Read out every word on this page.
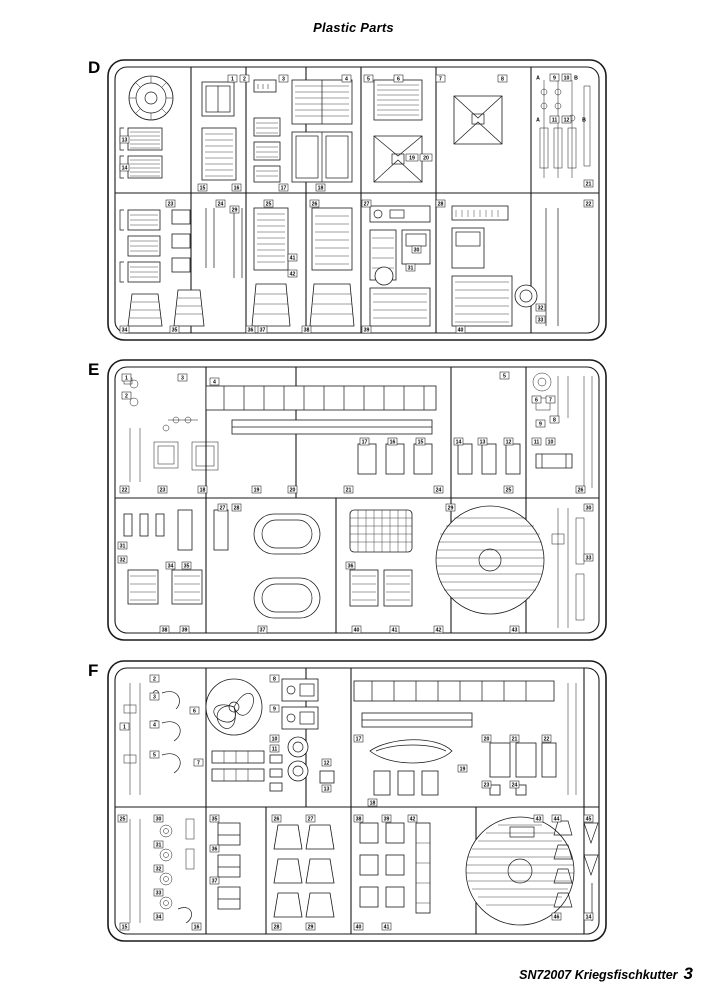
Plastic Parts
D
1 2	3	4	5	6	7	8	A	B
9 10
A 11 12 B
13
14
15	16	17	18
19 20
21
22
23	24	25	26	27	28
29
30
31
32
33
34	35	36 37	38	39	40
41
42
E	1
2
3
4
5
6 7
8
9
10
11
12
13
14
15
16
17
18	19	20	21
22	23	24	25	26
27 28	29	30
31
32	33
34 35	36
37
38	39	40	41	42	43
F
1
2
3
4
5
6
7
8
9
10
11
12
13
17
18
19
20	21	22
23	24
25	30
31
32
33
34
35
36
37
26	27
28	29
38	39
40	41
42	43 44	45
46	14
15	16
SN72007 Kriegsfischkutter 3
